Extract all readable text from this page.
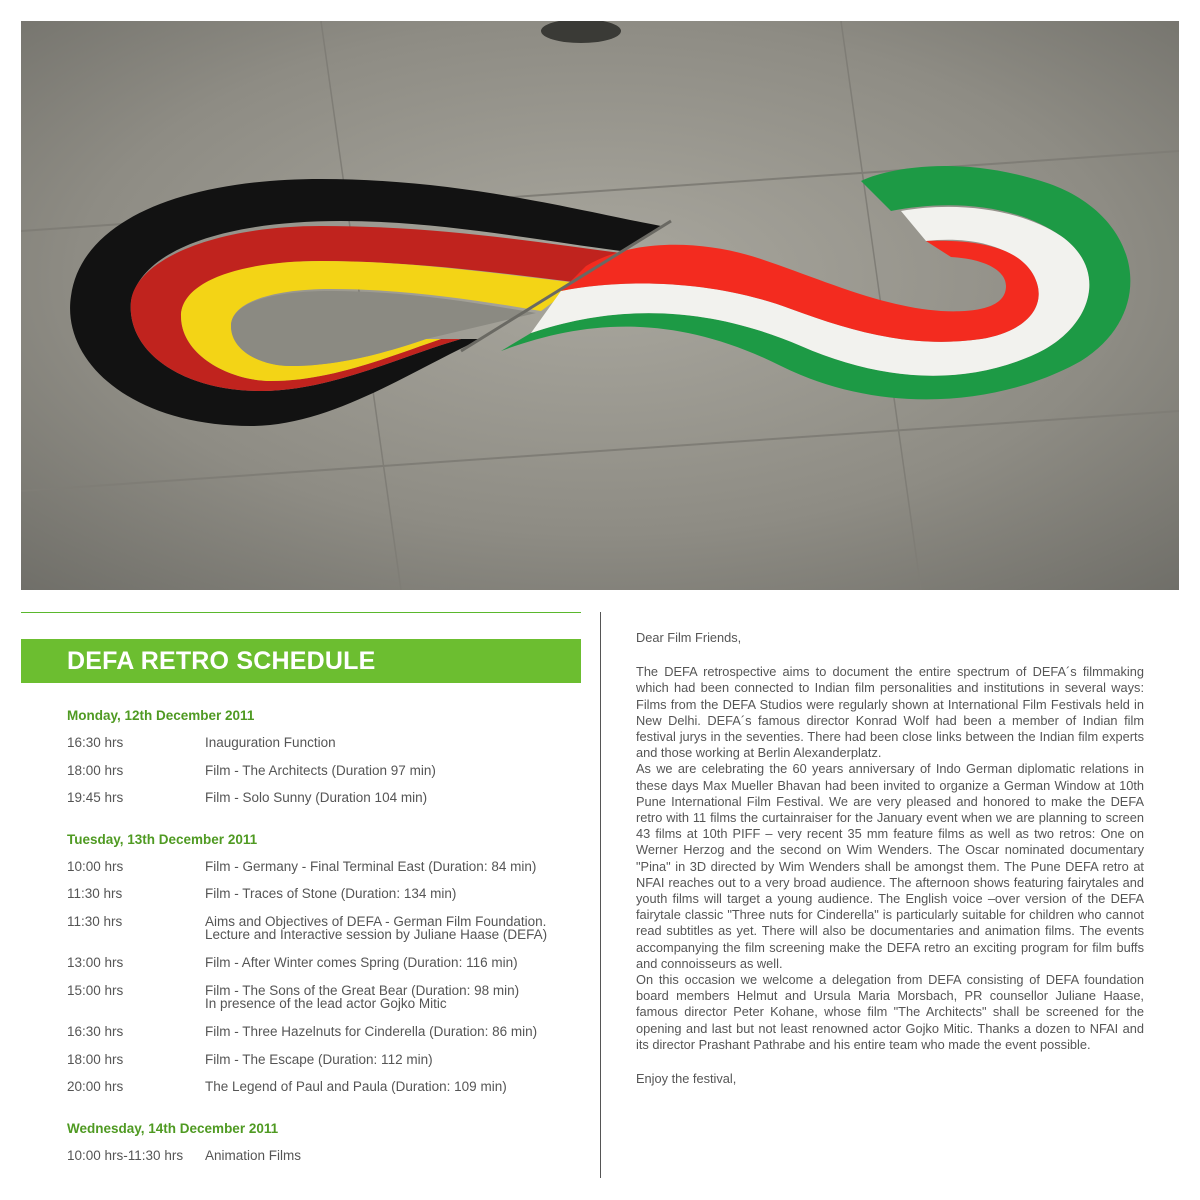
DEFA RETRO SCHEDULE
Monday, 12th December 2011
16:30 hrs	Inauguration Function
18:00 hrs	Film - The Architects (Duration 97 min)
19:45 hrs	Film - Solo Sunny (Duration 104 min)
Tuesday, 13th December 2011
10:00 hrs	Film - Germany - Final Terminal East (Duration: 84 min)
11:30 hrs	Film - Traces of Stone (Duration: 134 min)
11:30 hrs	Aims and Objectives of DEFA - German Film Foundation.
Lecture and Interactive session by Juliane Haase (DEFA)
13:00 hrs	Film - After Winter comes Spring (Duration: 116 min)
15:00 hrs	Film - The Sons of the Great Bear (Duration: 98 min)
In presence of the lead actor Gojko Mitic
16:30 hrs	Film - Three Hazelnuts for Cinderella (Duration: 86 min)
18:00 hrs	Film - The Escape (Duration: 112 min)
20:00 hrs	The Legend of Paul and Paula (Duration: 109 min)
Wednesday, 14th December 2011
10:00 hrs-11:30 hrs Animation Films

Dear Film Friends,

The DEFA retrospective aims to document the entire spectrum of DEFA´s filmmaking which had been connected to Indian film personalities and institutions in several ways: Films from the DEFA Studios were regularly shown at International Film Festivals held in New Delhi. DEFA´s famous director Konrad Wolf had been a member of Indian film festival jurys in the seventies. There had been close links between the Indian film experts and those working at Berlin Alexanderplatz.

As we are celebrating the 60 years anniversary of Indo German diplomatic relations in these days Max Mueller Bhavan had been invited to organize a German Window at 10th Pune International Film Festival. We are very pleased and honored to make the DEFA retro with 11 films the curtainraiser for the January event when we are planning to screen 43 films at 10th PIFF – very recent 35 mm feature films as well as two retros: One on Werner Herzog and the second on Wim Wenders. The Oscar nominated documentary "Pina" in 3D directed by Wim Wenders shall be amongst them. The Pune DEFA retro at NFAI reaches out to a very broad audience. The afternoon shows featuring fairytales and youth films will target a young audience. The English voice –over version of the DEFA fairytale classic "Three nuts for Cinderella" is particularly suitable for children who cannot read subtitles as yet. There will also be documentaries and animation films. The events accompanying the film screening make the DEFA retro an exciting program for film buffs and connoisseurs as well.

On this occasion we welcome a delegation from DEFA consisting of DEFA foundation board members Helmut and Ursula Maria Morsbach, PR counsellor Juliane Haase, famous director Peter Kohane, whose film "The Architects" shall be screened for the opening and last but not least renowned actor Gojko Mitic. Thanks a dozen to NFAI and its director Prashant Pathrabe and his entire team who made the event possible.

Enjoy the festival,
